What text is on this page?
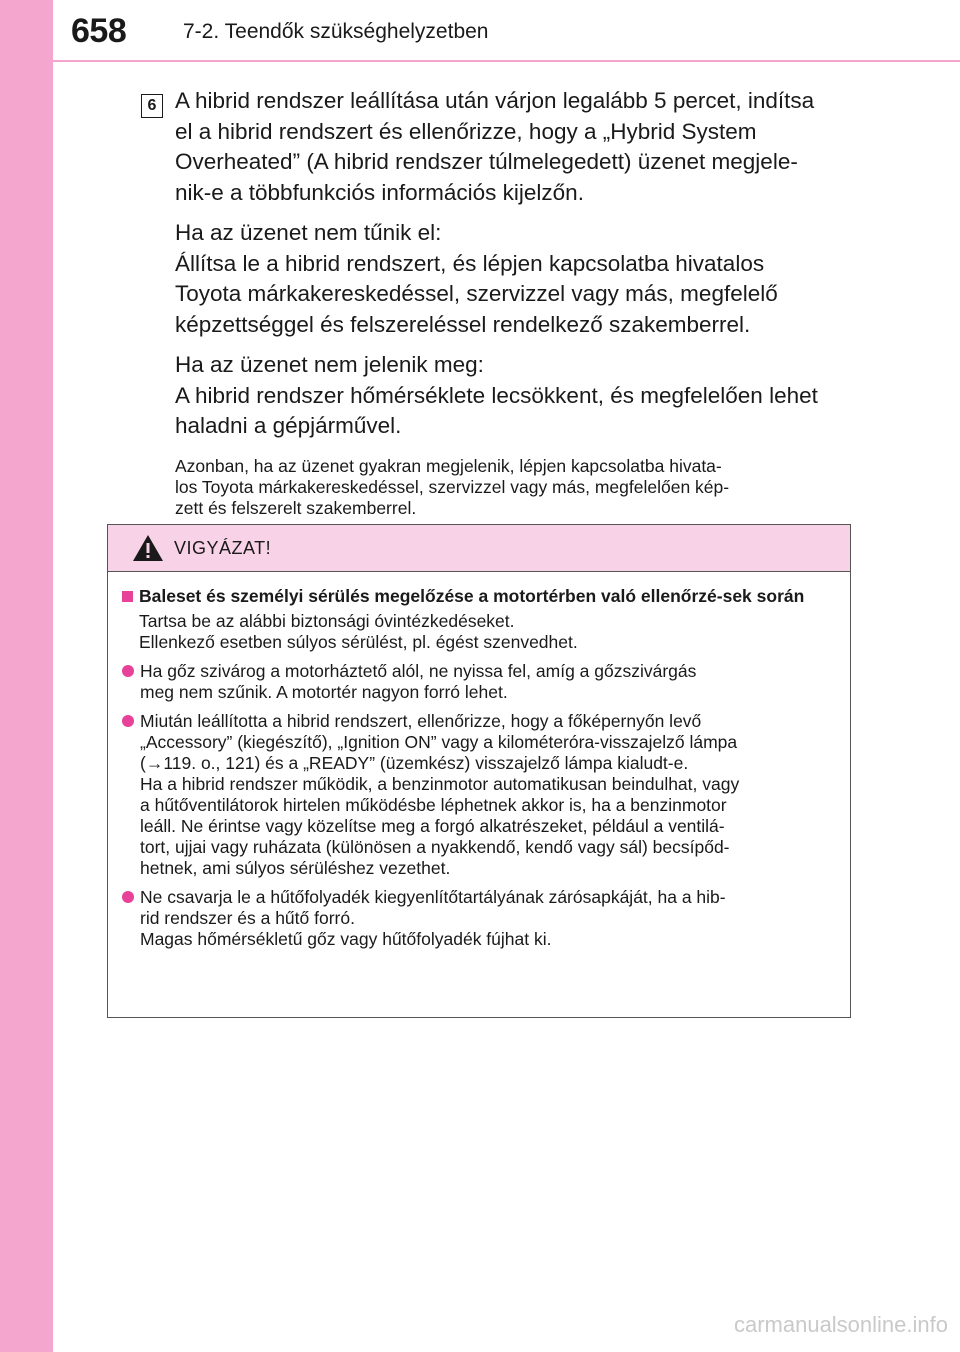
658	7-2. Teendők szükséghelyzetben
6 A hibrid rendszer leállítása után várjon legalább 5 percet, indítsa
el a hibrid rendszert és ellenőrizze, hogy a „Hybrid System
Overheated” (A hibrid rendszer túlmelegedett) üzenet megjele-
nik-e a többfunkciós információs kijelzőn.

Ha az üzenet nem tűnik el:
Állítsa le a hibrid rendszert, és lépjen kapcsolatba hivatalos
Toyota márkakereskedéssel, szervizzel vagy más, megfelelő
képzettséggel és felszereléssel rendelkező szakemberrel.

Ha az üzenet nem jelenik meg:
A hibrid rendszer hőmérséklete lecsökkent, és megfelelően lehet
haladni a gépjárművel.

Azonban, ha az üzenet gyakran megjelenik, lépjen kapcsolatba hivata-
los Toyota márkakereskedéssel, szervizzel vagy más, megfelelően kép-
zett és felszerelt szakemberrel.

VIGYÁZAT!
Baleset és személyi sérülés megelőzése a motortérben való ellenőrzé-sek során
Tartsa be az alábbi biztonsági óvintézkedéseket.
Ellenkező esetben súlyos sérülést, pl. égést szenvedhet.
Ha gőz szivárog a motorháztető alól, ne nyissa fel, amíg a gőzszivárgás
meg nem szűnik. A motortér nagyon forró lehet.
Miután leállította a hibrid rendszert, ellenőrizze, hogy a főképernyőn levő
„Accessory” (kiegészítő), „Ignition ON” vagy a kilométeróra-visszajelző lámpa
(→119. o., 121) és a „READY” (üzemkész) visszajelző lámpa kialudt-e.
Ha a hibrid rendszer működik, a benzinmotor automatikusan beindulhat, vagy
a hűtőventilátorok hirtelen működésbe léphetnek akkor is, ha a benzinmotor
leáll. Ne érintse vagy közelítse meg a forgó alkatrészeket, például a ventilá-
tort, ujjai vagy ruházata (különösen a nyakkendő, kendő vagy sál) becsípőd-
hetnek, ami súlyos sérüléshez vezethet.
Ne csavarja le a hűtőfolyadék kiegyenlítőtartályának zárósapkáját, ha a hib-
rid rendszer és a hűtő forró.
Magas hőmérsékletű gőz vagy hűtőfolyadék fújhat ki.
carmanualsonline.info
